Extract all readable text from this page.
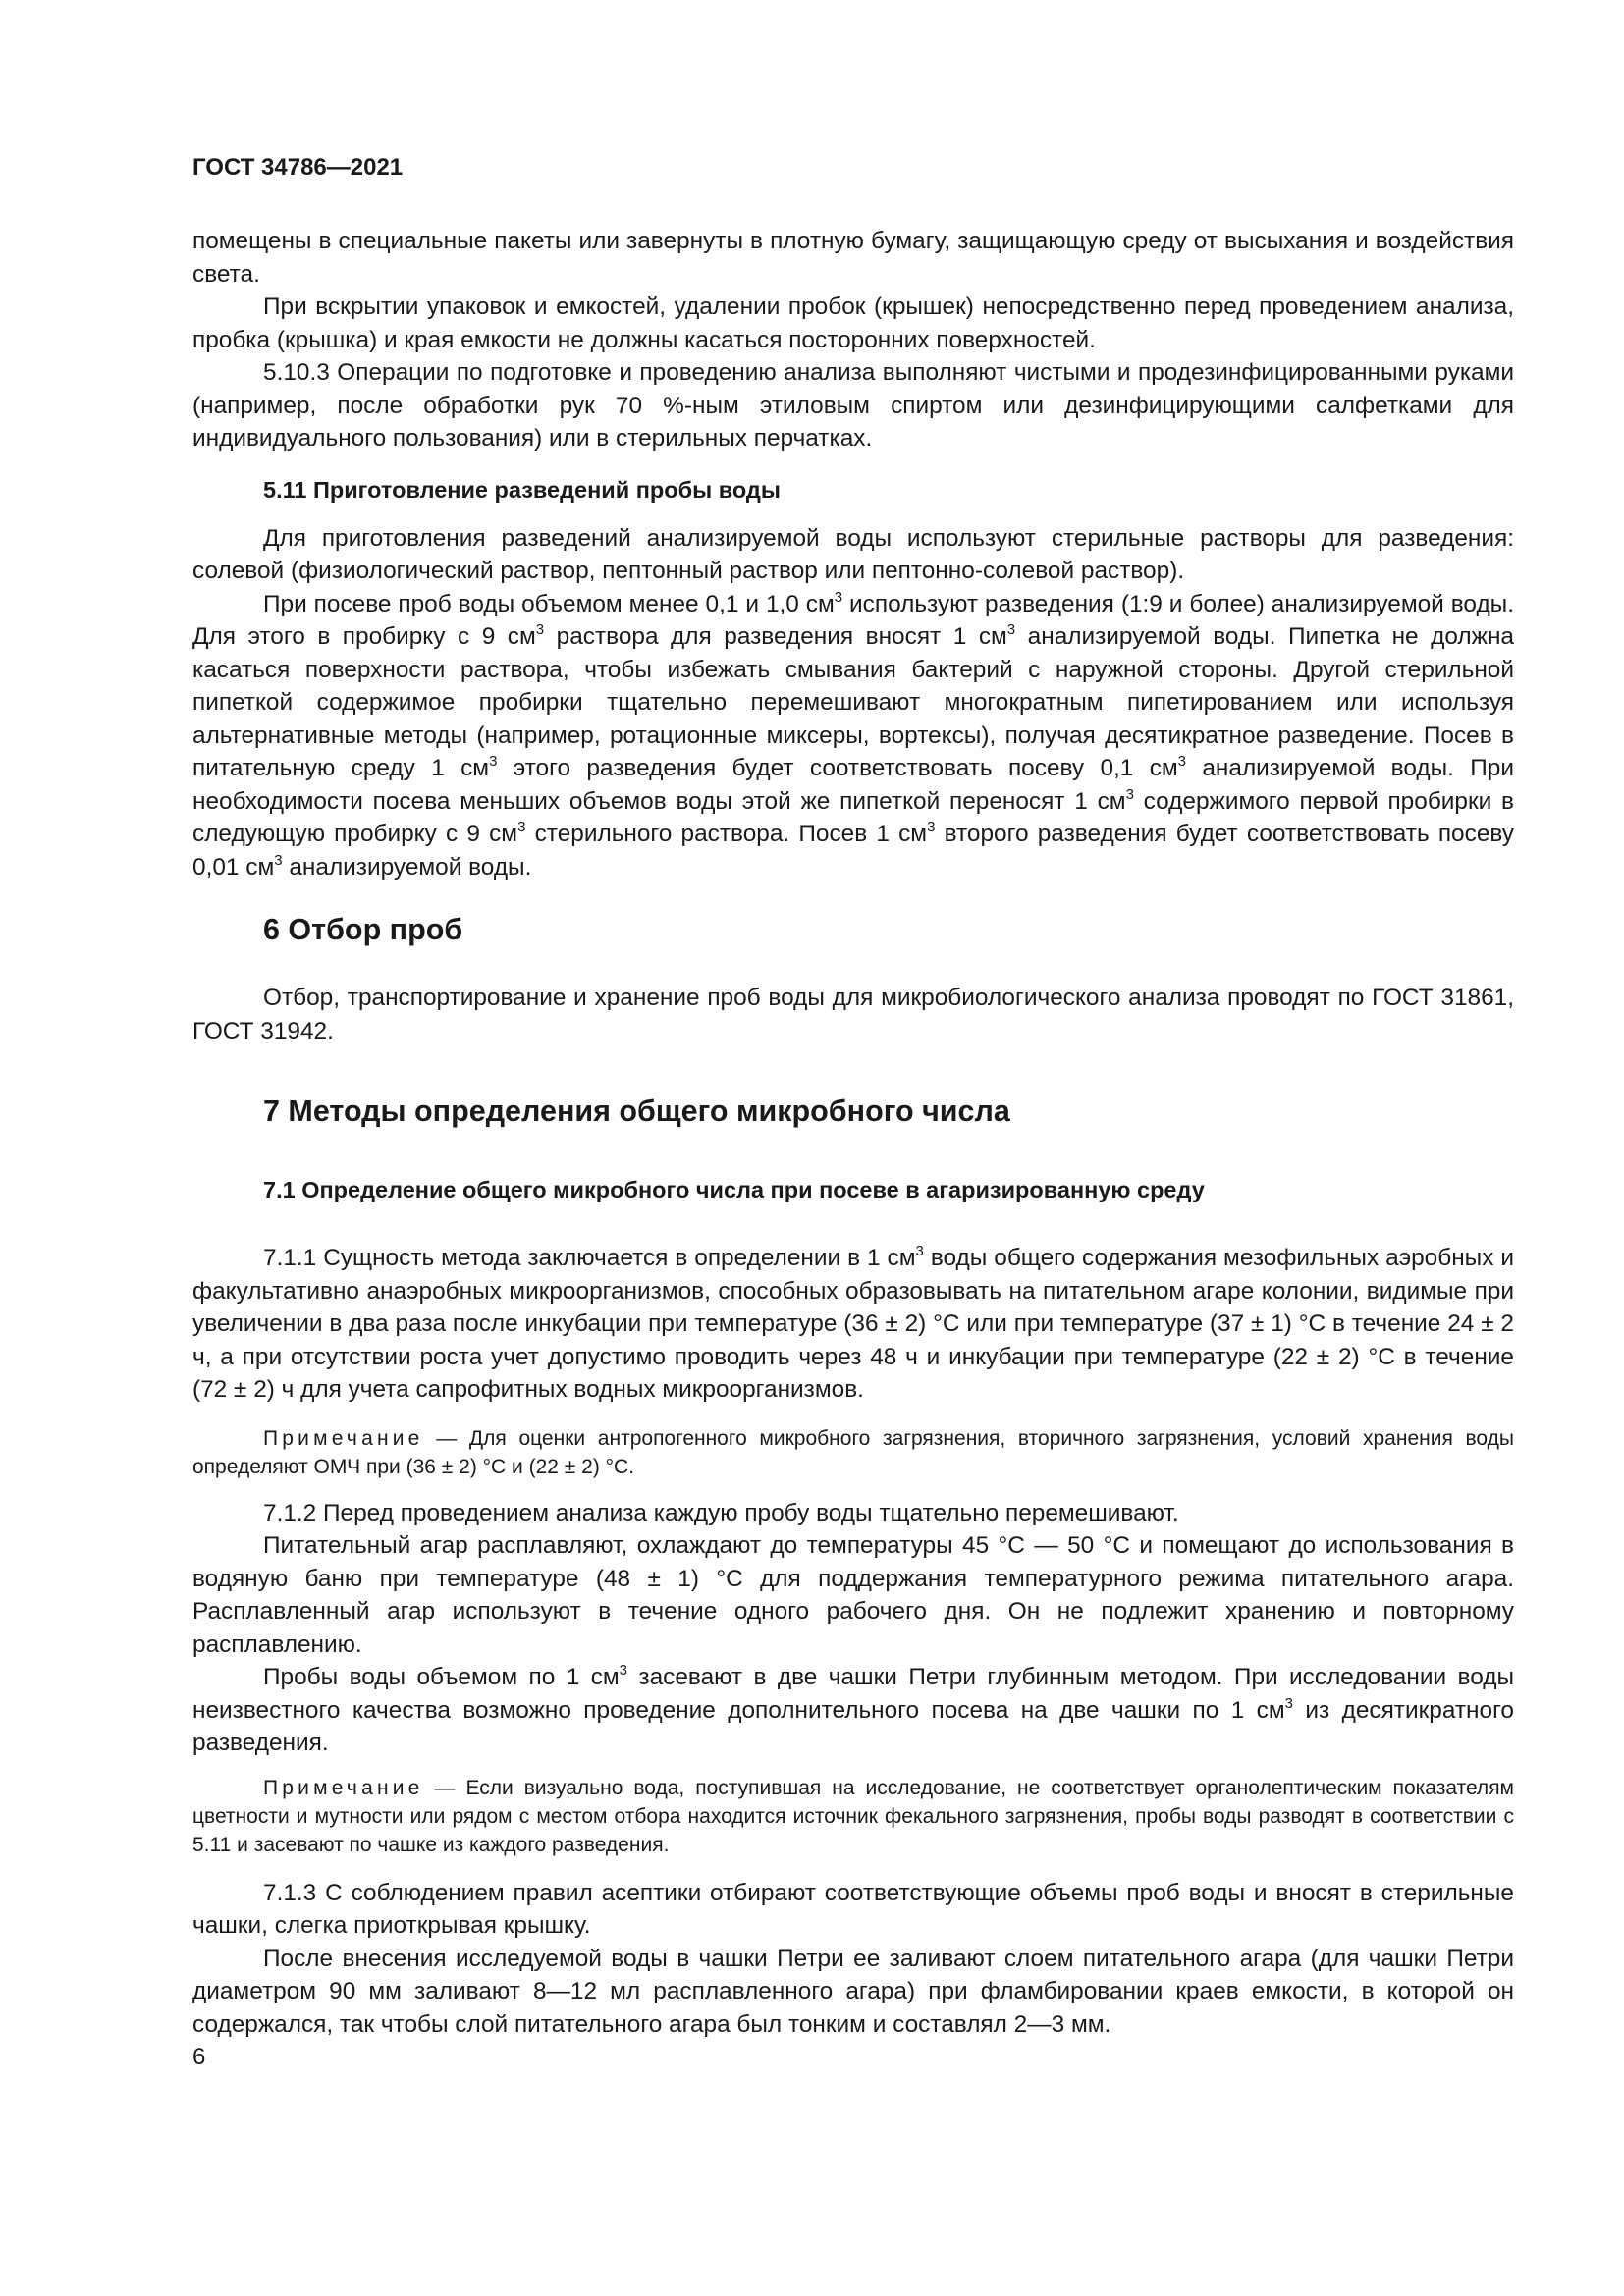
ГОСТ 34786—2021

помещены в специальные пакеты или завернуты в плотную бумагу, защищающую среду от высыхания и воздействия света.

При вскрытии упаковок и емкостей, удалении пробок (крышек) непосредственно перед проведением анализа, пробка (крышка) и края емкости не должны касаться посторонних поверхностей.

5.10.3 Операции по подготовке и проведению анализа выполняют чистыми и продезинфицированными руками (например, после обработки рук 70 %-ным этиловым спиртом или дезинфицирующими салфетками для индивидуального пользования) или в стерильных перчатках.

5.11 Приготовление разведений пробы воды

Для приготовления разведений анализируемой воды используют стерильные растворы для разведения: солевой (физиологический раствор, пептонный раствор или пептонно-солевой раствор).

При посеве проб воды объемом менее 0,1 и 1,0 $см^3$ используют разведения (1:9 и более) анализируемой воды. Для этого в пробирку с 9 $см^3$ раствора для разведения вносят 1 $см^3$ анализируемой воды. Пипетка не должна касаться поверхности раствора, чтобы избежать смывания бактерий с наружной стороны. Другой стерильной пипеткой содержимое пробирки тщательно перемешивают многократным пипетированием или используя альтернативные методы (например, ротационные миксеры, вортексы), получая десятикратное разведение. Посев в питательную среду 1 $см^3$ этого разведения будет соответствовать посеву 0,1 $см^3$ анализируемой воды. При необходимости посева меньших объемов воды этой же пипеткой переносят 1 $см^3$ содержимого первой пробирки в следующую пробирку с 9 $см^3$ стерильного раствора. Посев 1 $см^3$ второго разведения будет соответствовать посеву 0,01 $см^3$ анализируемой воды.

6 Отбор проб

Отбор, транспортирование и хранение проб воды для микробиологического анализа проводят по ГОСТ 31861, ГОСТ 31942.

7 Методы определения общего микробного числа
7.1 Определение общего микробного числа при посеве в агаризированную среду

7.1.1 Сущность метода заключается в определении в 1 $см^3$ воды общего содержания мезофильных аэробных и факультативно анаэробных микроорганизмов, способных образовывать на питательном агаре колонии, видимые при увеличении в два раза после инкубации при температуре (36 ± 2) °С или при температуре (37 ± 1) °С в течение 24 ± 2 ч, а при отсутствии роста учет допустимо проводить через 48 ч и инкубации при температуре (22 ± 2) °С в течение (72 ± 2) ч для учета сапрофитных водных микроорганизмов.

Примечание — Для оценки антропогенного микробного загрязнения, вторичного загрязнения, условий хранения воды определяют ОМЧ при (36 ± 2) °С и (22 ± 2) °С.

7.1.2 Перед проведением анализа каждую пробу воды тщательно перемешивают.

Питательный агар расплавляют, охлаждают до температуры 45 °С — 50 °С и помещают до использования в водяную баню при температуре (48 ± 1) °С для поддержания температурного режима питательного агара. Расплавленный агар используют в течение одного рабочего дня. Он не подлежит хранению и повторному расплавлению.

Пробы воды объемом по 1 $см^3$ засевают в две чашки Петри глубинным методом. При исследовании воды неизвестного качества возможно проведение дополнительного посева на две чашки по 1 $см^3$ из десятикратного разведения.

Примечание — Если визуально вода, поступившая на исследование, не соответствует органолептическим показателям цветности и мутности или рядом с местом отбора находится источник фекального загрязнения, пробы воды разводят в соответствии с 5.11 и засевают по чашке из каждого разведения.

7.1.3 С соблюдением правил асептики отбирают соответствующие объемы проб воды и вносят в стерильные чашки, слегка приоткрывая крышку.

После внесения исследуемой воды в чашки Петри ее заливают слоем питательного агара (для чашки Петри диаметром 90 мм заливают 8—12 мл расплавленного агара) при фламбировании краев емкости, в которой он содержался, так чтобы слой питательного агара был тонким и составлял 2—3 мм.

6
